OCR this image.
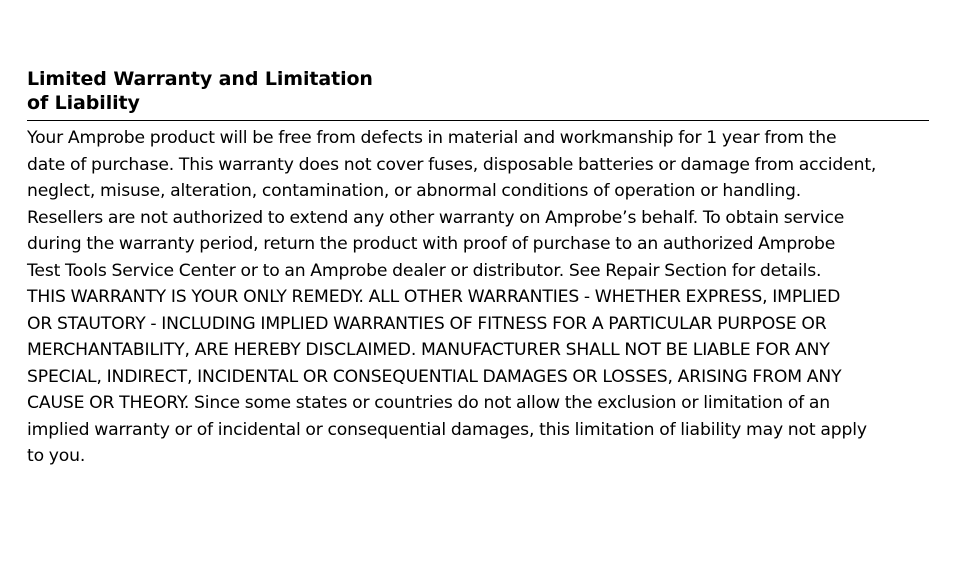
Limited Warranty and Limitation
of Liability

Your Amprobe product will be free from defects in material and workmanship for 1 year from the
date of purchase. This warranty does not cover fuses, disposable batteries or damage from accident,
neglect, misuse, alteration, contamination, or abnormal conditions of operation or handling.
Resellers are not authorized to extend any other warranty on Amprobe’s behalf. To obtain service
during the warranty period, return the product with proof of purchase to an authorized Amprobe
Test Tools Service Center or to an Amprobe dealer or distributor. See Repair Section for details.
THIS WARRANTY IS YOUR ONLY REMEDY. ALL OTHER WARRANTIES - WHETHER EXPRESS, IMPLIED
OR STAUTORY - INCLUDING IMPLIED WARRANTIES OF FITNESS FOR A PARTICULAR PURPOSE OR
MERCHANTABILITY, ARE HEREBY DISCLAIMED. MANUFACTURER SHALL NOT BE LIABLE FOR ANY
SPECIAL, INDIRECT, INCIDENTAL OR CONSEQUENTIAL DAMAGES OR LOSSES, ARISING FROM ANY
CAUSE OR THEORY. Since some states or countries do not allow the exclusion or limitation of an
implied warranty or of incidental or consequential damages, this limitation of liability may not apply
to you.
